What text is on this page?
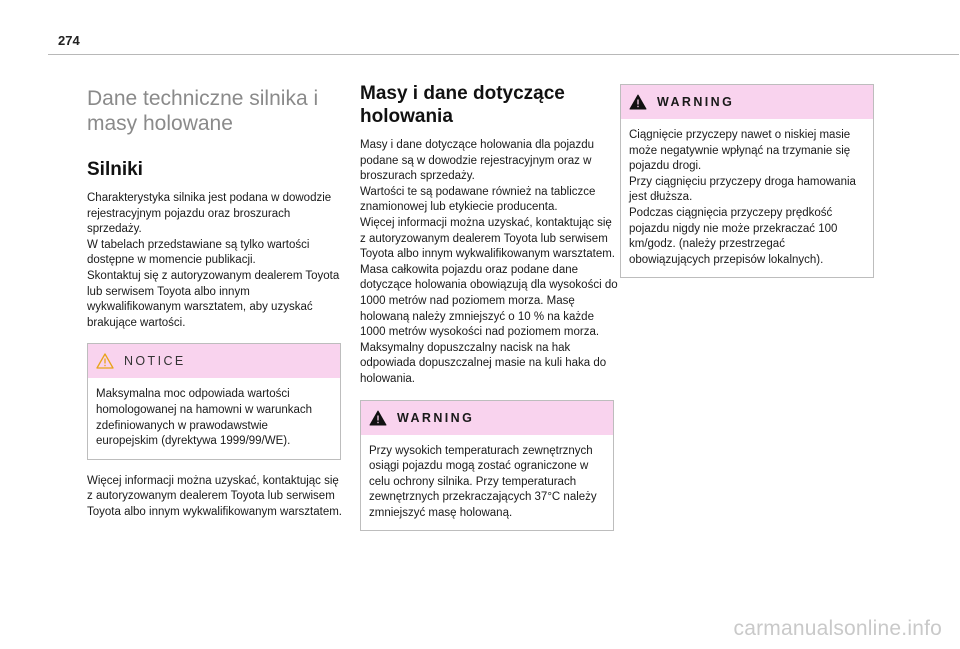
274
Dane techniczne silnika i masy holowane
Silniki

Charakterystyka silnika jest podana w dowodzie rejestracyjnym pojazdu oraz broszurach sprzedaży.
W tabelach przedstawiane są tylko wartości dostępne w momencie publikacji.
Skontaktuj się z autoryzowanym dealerem Toyota lub serwisem Toyota albo innym wykwalifikowanym warsztatem, aby uzyskać brakujące wartości.

NOTICE

Maksymalna moc odpowiada wartości homologowanej na hamowni w warunkach zdefiniowanych w prawodawstwie europejskim (dyrektywa 1999/99/WE).

Więcej informacji można uzyskać, kontaktując się z autoryzowanym dealerem Toyota lub serwisem Toyota albo innym wykwalifikowanym warsztatem.

Masy i dane dotyczące holowania

Masy i dane dotyczące holowania dla pojazdu podane są w dowodzie rejestracyjnym oraz w broszurach sprzedaży.
Wartości te są podawane również na tabliczce znamionowej lub etykiecie producenta.
Więcej informacji można uzyskać, kontaktując się z autoryzowanym dealerem Toyota lub serwisem Toyota albo innym wykwalifikowanym warsztatem.
Masa całkowita pojazdu oraz podane dane dotyczące holowania obowiązują dla wysokości do 1000 metrów nad poziomem morza. Masę holowaną należy zmniejszyć o 10 % na każde 1000 metrów wysokości nad poziomem morza.
Maksymalny dopuszczalny nacisk na hak odpowiada dopuszczalnej masie na kuli haka do holowania.

WARNING

Przy wysokich temperaturach zewnętrznych osiągi pojazdu mogą zostać ograniczone w celu ochrony silnika. Przy temperaturach zewnętrznych przekraczających 37°C należy zmniejszyć masę holowaną.

WARNING

Ciągnięcie przyczepy nawet o niskiej masie może negatywnie wpłynąć na trzymanie się pojazdu drogi.
Przy ciągnięciu przyczepy droga hamowania jest dłuższa.
Podczas ciągnięcia przyczepy prędkość pojazdu nigdy nie może przekraczać 100 km/godz. (należy przestrzegać obowiązujących przepisów lokalnych).

carmanualsonline.info
